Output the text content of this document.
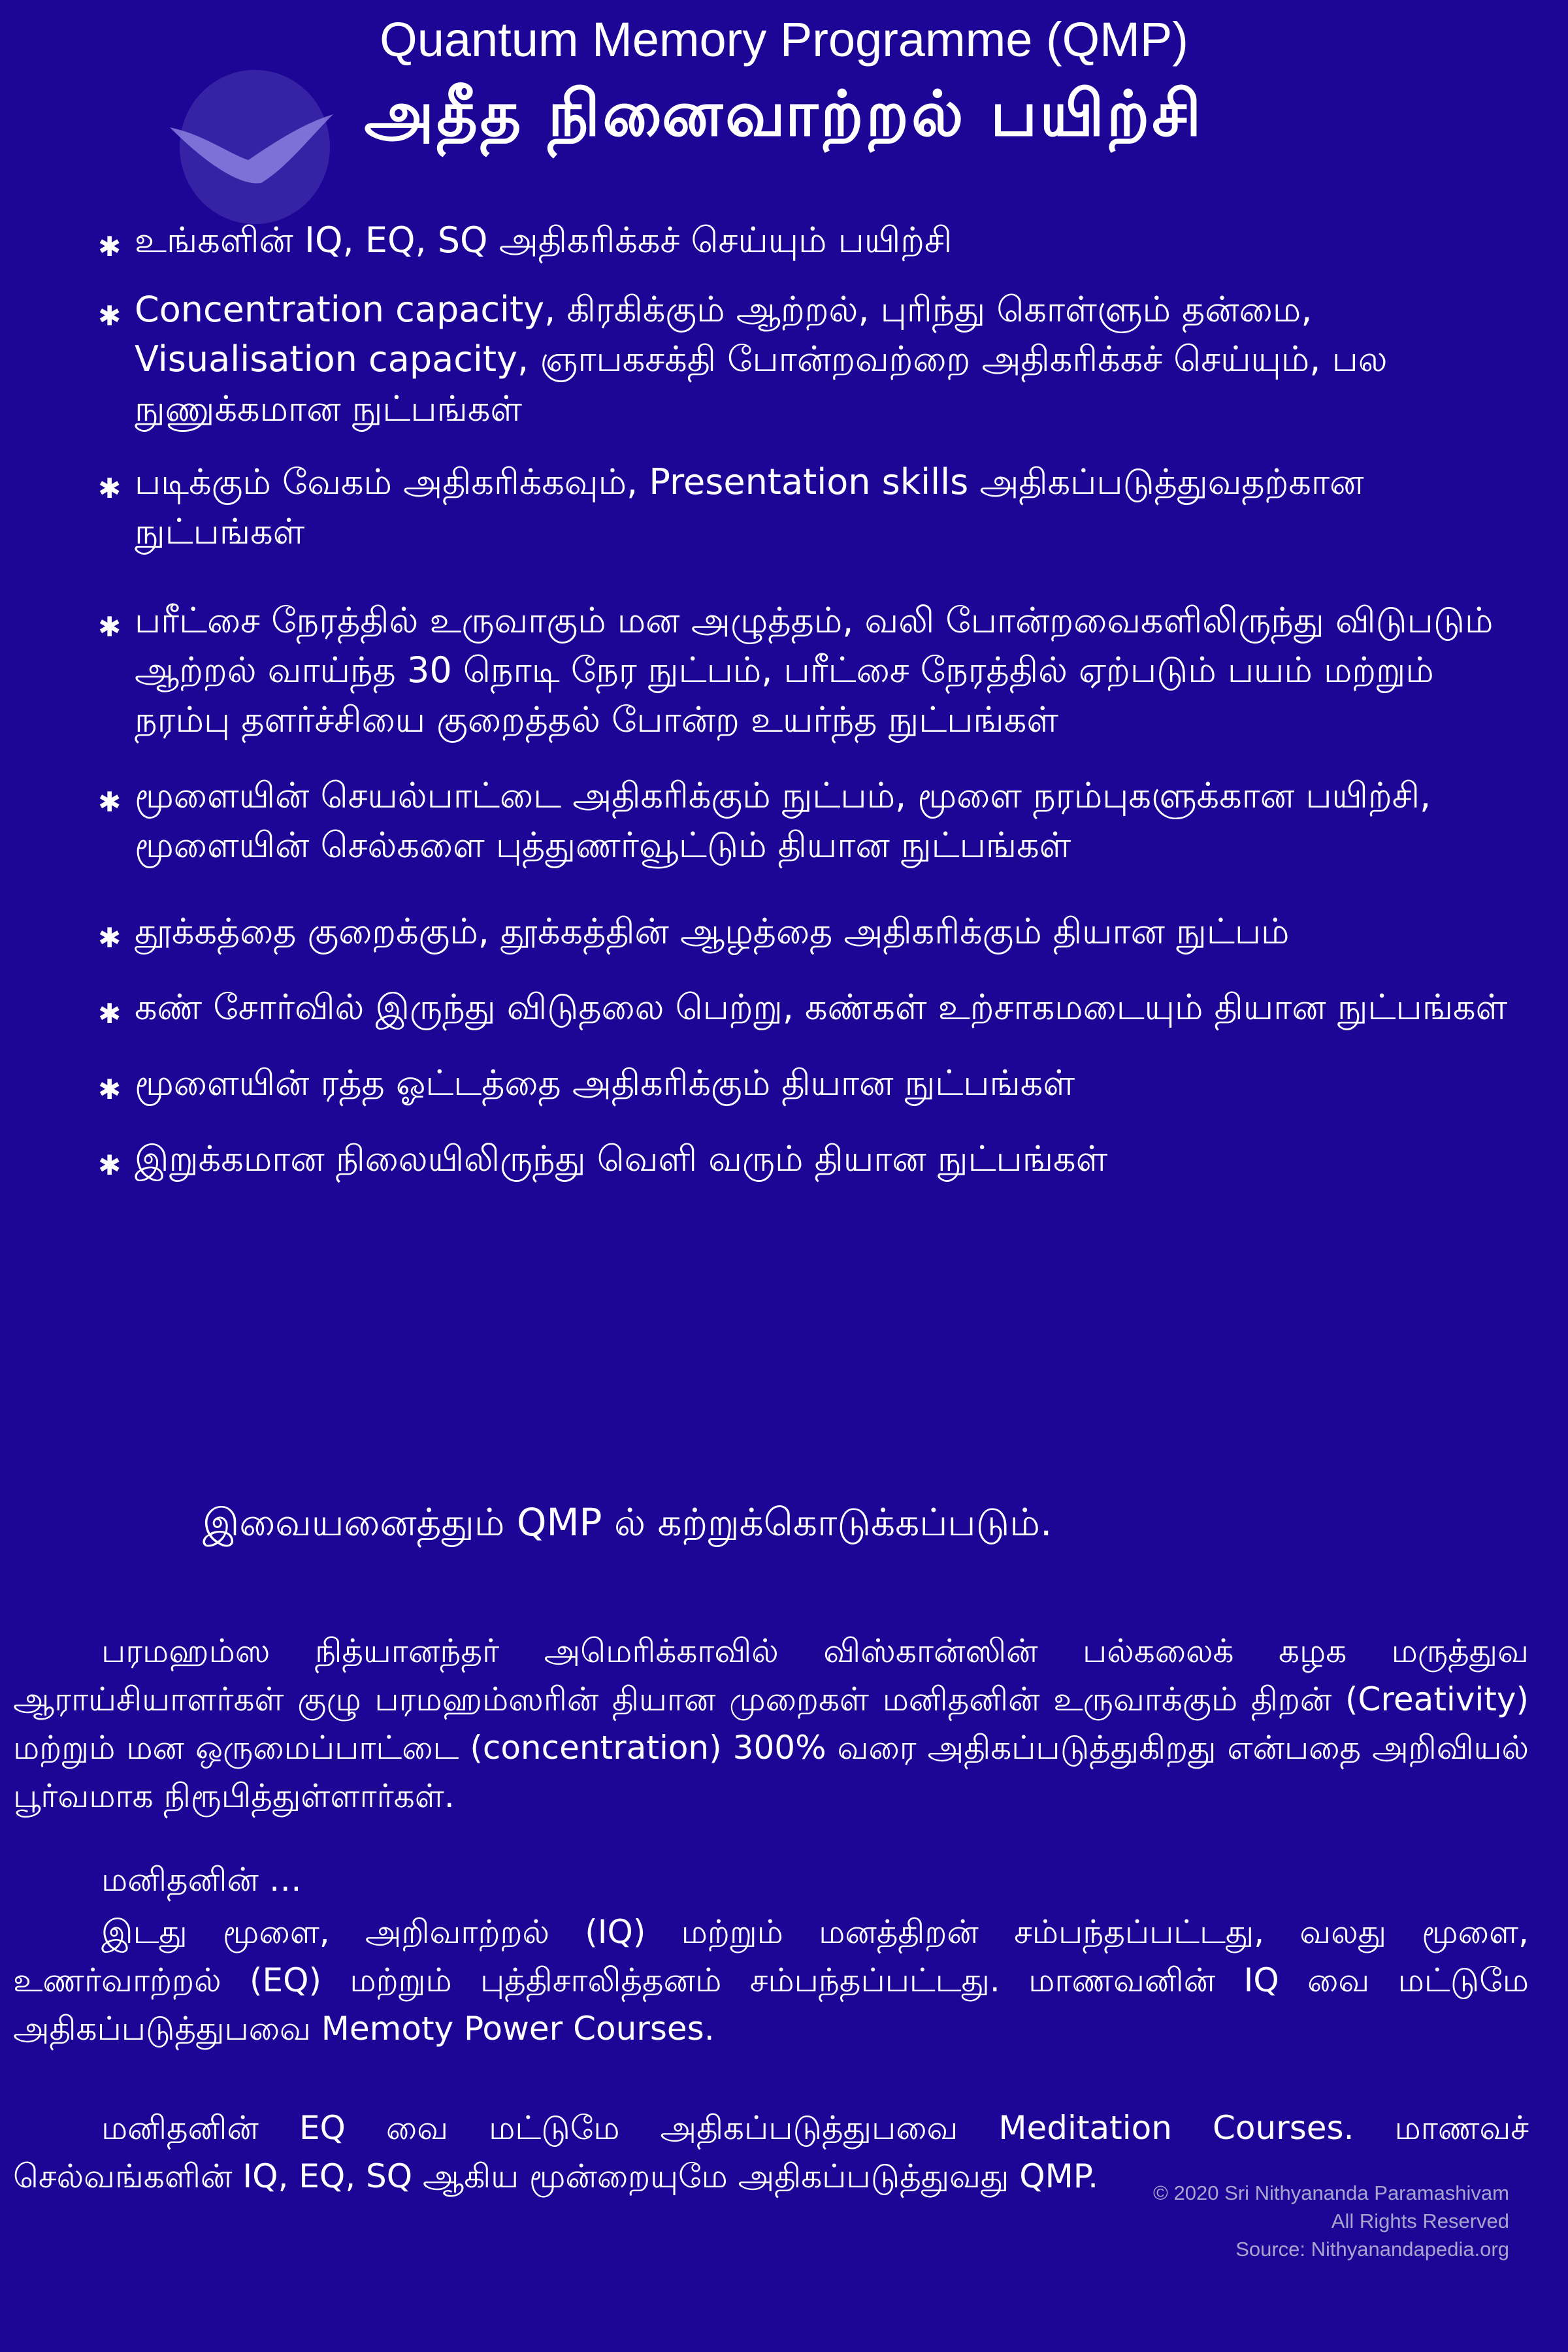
Quantum Memory Programme (QMP)
அதீத நினைவாற்றல் பயிற்சி
✱ உங்களின் IQ, EQ, SQ அதிகரிக்கச் செய்யும் பயிற்சி
✱ Concentration capacity, கிரகிக்கும் ஆற்றல், புரிந்து கொள்ளும் தன்மை, Visualisation capacity, ஞாபகசக்தி போன்றவற்றை அதிகரிக்கச் செய்யும், பல நுணுக்கமான நுட்பங்கள்
✱ படிக்கும் வேகம் அதிகரிக்கவும், Presentation skills அதிகப்படுத்துவதற்கான நுட்பங்கள்
✱ பரீட்சை நேரத்தில் உருவாகும் மன அழுத்தம், வலி போன்றவைகளிலிருந்து விடுபடும் ஆற்றல் வாய்ந்த 30 நொடி நேர நுட்பம், பரீட்சை நேரத்தில் ஏற்படும் பயம் மற்றும் நரம்பு தளர்ச்சியை குறைத்தல் போன்ற உயர்ந்த நுட்பங்கள்
✱ மூளையின் செயல்பாட்டை அதிகரிக்கும் நுட்பம், மூளை நரம்புகளுக்கான பயிற்சி, மூளையின் செல்களை புத்துணர்வூட்டும் தியான நுட்பங்கள்
✱ தூக்கத்தை குறைக்கும், தூக்கத்தின் ஆழத்தை அதிகரிக்கும் தியான நுட்பம்
✱ கண் சோர்வில் இருந்து விடுதலை பெற்று, கண்கள் உற்சாகமடையும் தியான நுட்பங்கள்
✱ மூளையின் ரத்த ஓட்டத்தை அதிகரிக்கும் தியான நுட்பங்கள்
✱ இறுக்கமான நிலையிலிருந்து வெளி வரும் தியான நுட்பங்கள்
இவையனைத்தும் QMP ல் கற்றுக்கொடுக்கப்படும்.
பரமஹம்ஸ நித்யானந்தர் அமெரிக்காவில் விஸ்கான்ஸின் பல்கலைக் கழக மருத்துவ ஆராய்சியாளர்கள் குழு பரமஹம்ஸரின் தியான முறைகள் மனிதனின் உருவாக்கும் திறன் (Creativity) மற்றும் மன ஒருமைப்பாட்டை (concentration) 300% வரை அதிகப்படுத்துகிறது என்பதை அறிவியல் பூர்வமாக நிரூபித்துள்ளார்கள்.
மனிதனின் …
இடது மூளை, அறிவாற்றல் (IQ) மற்றும் மனத்திறன் சம்பந்தப்பட்டது, வலது மூளை, உணர்வாற்றல் (EQ) மற்றும் புத்திசாலித்தனம் சம்பந்தப்பட்டது. மாணவனின் IQ வை மட்டுமே அதிகப்படுத்துபவை Memoty Power Courses.
மனிதனின் EQ வை மட்டுமே அதிகப்படுத்துபவை Meditation Courses. மாணவச் செல்வங்களின் IQ, EQ, SQ ஆகிய மூன்றையுமே அதிகப்படுத்துவது QMP.	© 2020 Sri Nithyananda Paramashivam
All Rights Reserved
Source: Nithyanandapedia.org
